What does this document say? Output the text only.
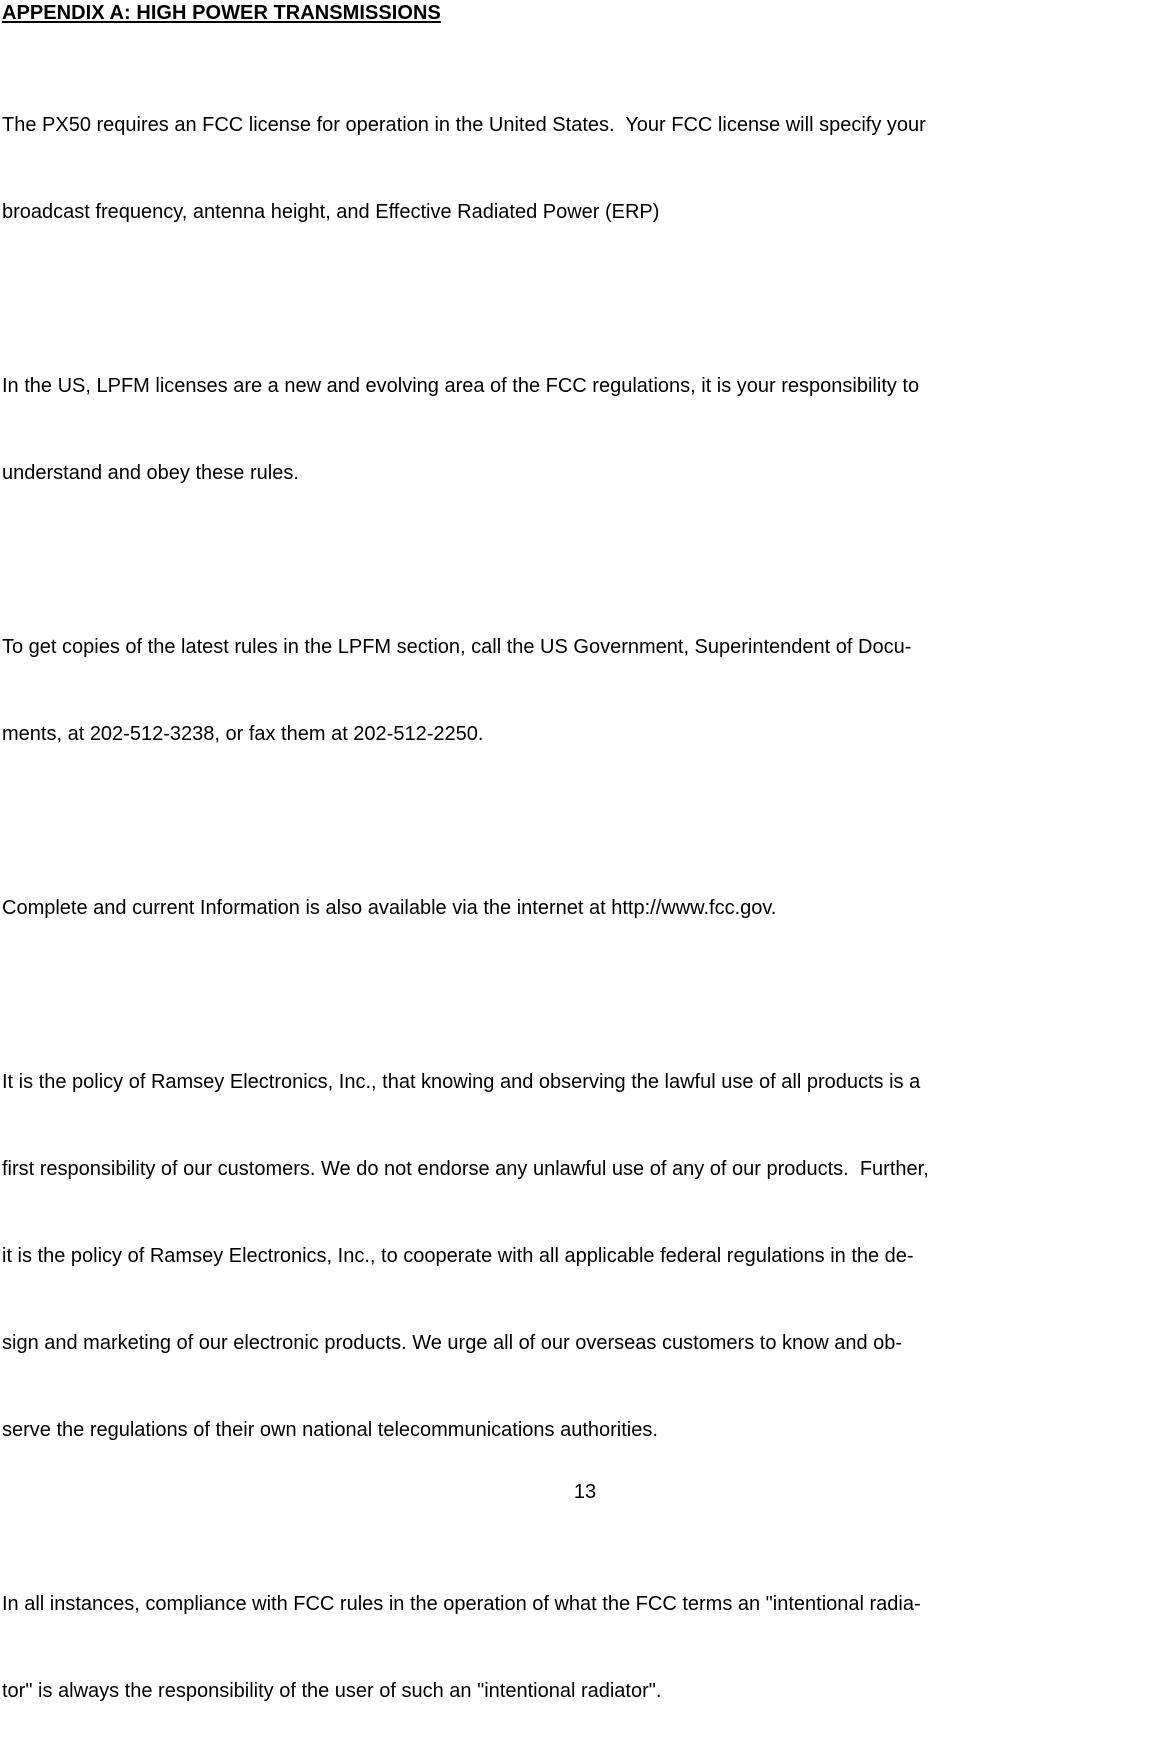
APPENDIX A: HIGH POWER TRANSMISSIONS

The PX50 requires an FCC license for operation in the United States.  Your FCC license will specify your

broadcast frequency, antenna height, and Effective Radiated Power (ERP)

In the US, LPFM licenses are a new and evolving area of the FCC regulations, it is your responsibility to

understand and obey these rules.

To get copies of the latest rules in the LPFM section, call the US Government, Superintendent of Docu-

ments, at 202-512-3238, or fax them at 202-512-2250.

Complete and current Information is also available via the internet at http://www.fcc.gov.

It is the policy of Ramsey Electronics, Inc., that knowing and observing the lawful use of all products is a

first responsibility of our customers. We do not endorse any unlawful use of any of our products.  Further,

it is the policy of Ramsey Electronics, Inc., to cooperate with all applicable federal regulations in the de-

sign and marketing of our electronic products. We urge all of our overseas customers to know and ob-

serve the regulations of their own national telecommunications authorities.

In all instances, compliance with FCC rules in the operation of what the FCC terms an "intentional radia-

tor" is always the responsibility of the user of such an "intentional radiator".

13
